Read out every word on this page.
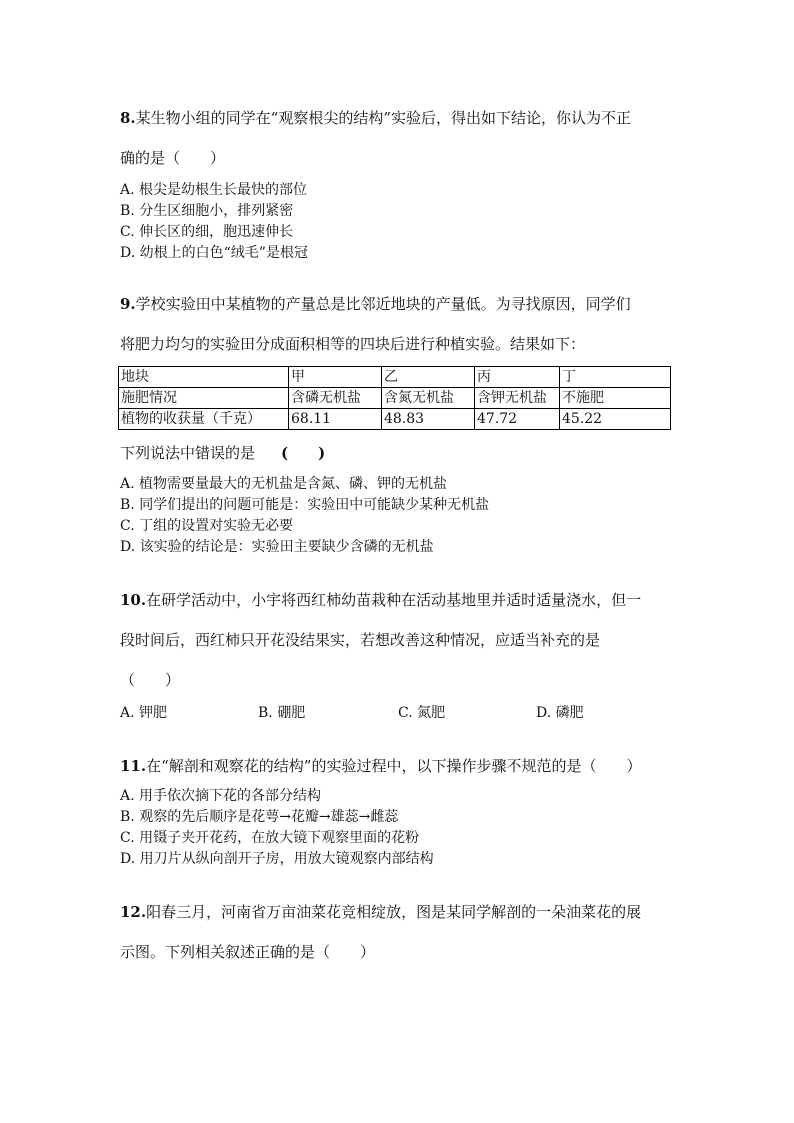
8.某生物小组的同学在“观察根尖的结构”实验后，得出如下结论，你认为不正
确的是（　　）
A. 根尖是幼根生长最快的部位
B. 分生区细胞小，排列紧密
C. 伸长区的细，胞迅速伸长
D. 幼根上的白色“绒毛”是根冠
9.学校实验田中某植物的产量总是比邻近地块的产量低。为寻找原因，同学们
将肥力均匀的实验田分成面积相等的四块后进行种植实验。结果如下：
地块	甲	乙	丙	丁
施肥情况	含磷无机盐	含氮无机盐	含钾无机盐	不施肥
植物的收获量（千克）	68.11	48.83	47.72	45.22
下列说法中错误的是 (　　)
A. 植物需要量最大的无机盐是含氮、磷、钾的无机盐
B. 同学们提出的问题可能是：实验田中可能缺少某种无机盐
C. 丁组的设置对实验无必要
D. 该实验的结论是：实验田主要缺少含磷的无机盐
10.在研学活动中，小宇将西红柿幼苗栽种在活动基地里并适时适量浇水，但一
段时间后，西红柿只开花没结果实，若想改善这种情况，应适当补充的是
（　　）
A. 钾肥	B. 硼肥	C. 氮肥	D. 磷肥
11.在“解剖和观察花的结构”的实验过程中，以下操作步骤不规范的是（　　）
A. 用手依次摘下花的各部分结构
B. 观察的先后顺序是花萼→花瓣→雄蕊→雌蕊
C. 用镊子夹开花药，在放大镜下观察里面的花粉
D. 用刀片从纵向剖开子房，用放大镜观察内部结构
12.阳春三月，河南省万亩油菜花竞相绽放，图是某同学解剖的一朵油菜花的展
示图。下列相关叙述正确的是（　　）
